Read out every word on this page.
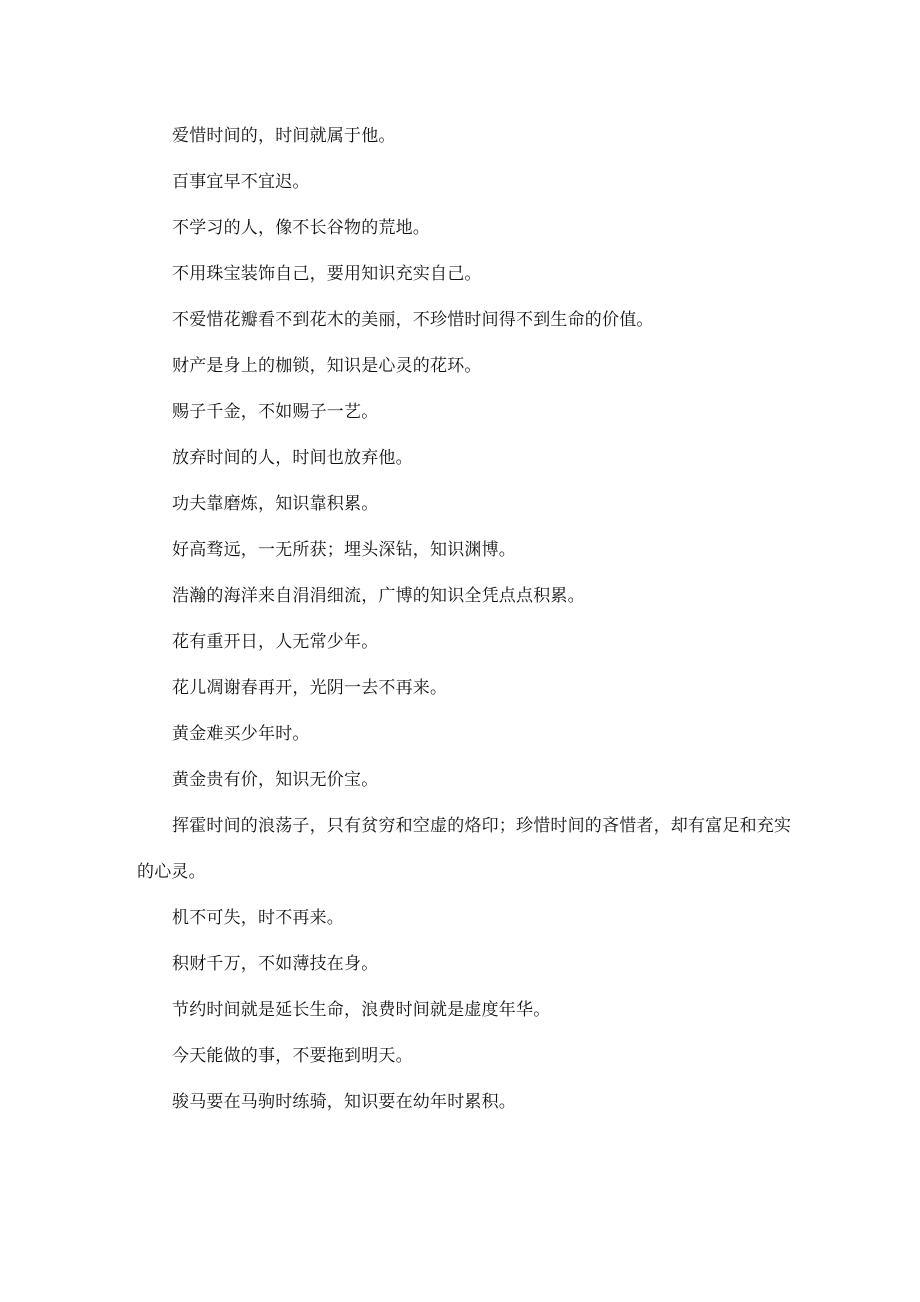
爱惜时间的，时间就属于他。

百事宜早不宜迟。

不学习的人，像不长谷物的荒地。

不用珠宝装饰自己，要用知识充实自己。

不爱惜花瓣看不到花木的美丽，不珍惜时间得不到生命的价值。

财产是身上的枷锁，知识是心灵的花环。

赐子千金，不如赐子一艺。

放弃时间的人，时间也放弃他。

功夫靠磨炼，知识靠积累。

好高骛远，一无所获；埋头深钻，知识渊博。

浩瀚的海洋来自涓涓细流，广博的知识全凭点点积累。

花有重开日，人无常少年。

花儿凋谢春再开，光阴一去不再来。

黄金难买少年时。

黄金贵有价，知识无价宝。

挥霍时间的浪荡子，只有贫穷和空虚的烙印；珍惜时间的吝惜者，却有富足和充实的心灵。

机不可失，时不再来。

积财千万，不如薄技在身。

节约时间就是延长生命，浪费时间就是虚度年华。

今天能做的事，不要拖到明天。

骏马要在马驹时练骑，知识要在幼年时累积。
